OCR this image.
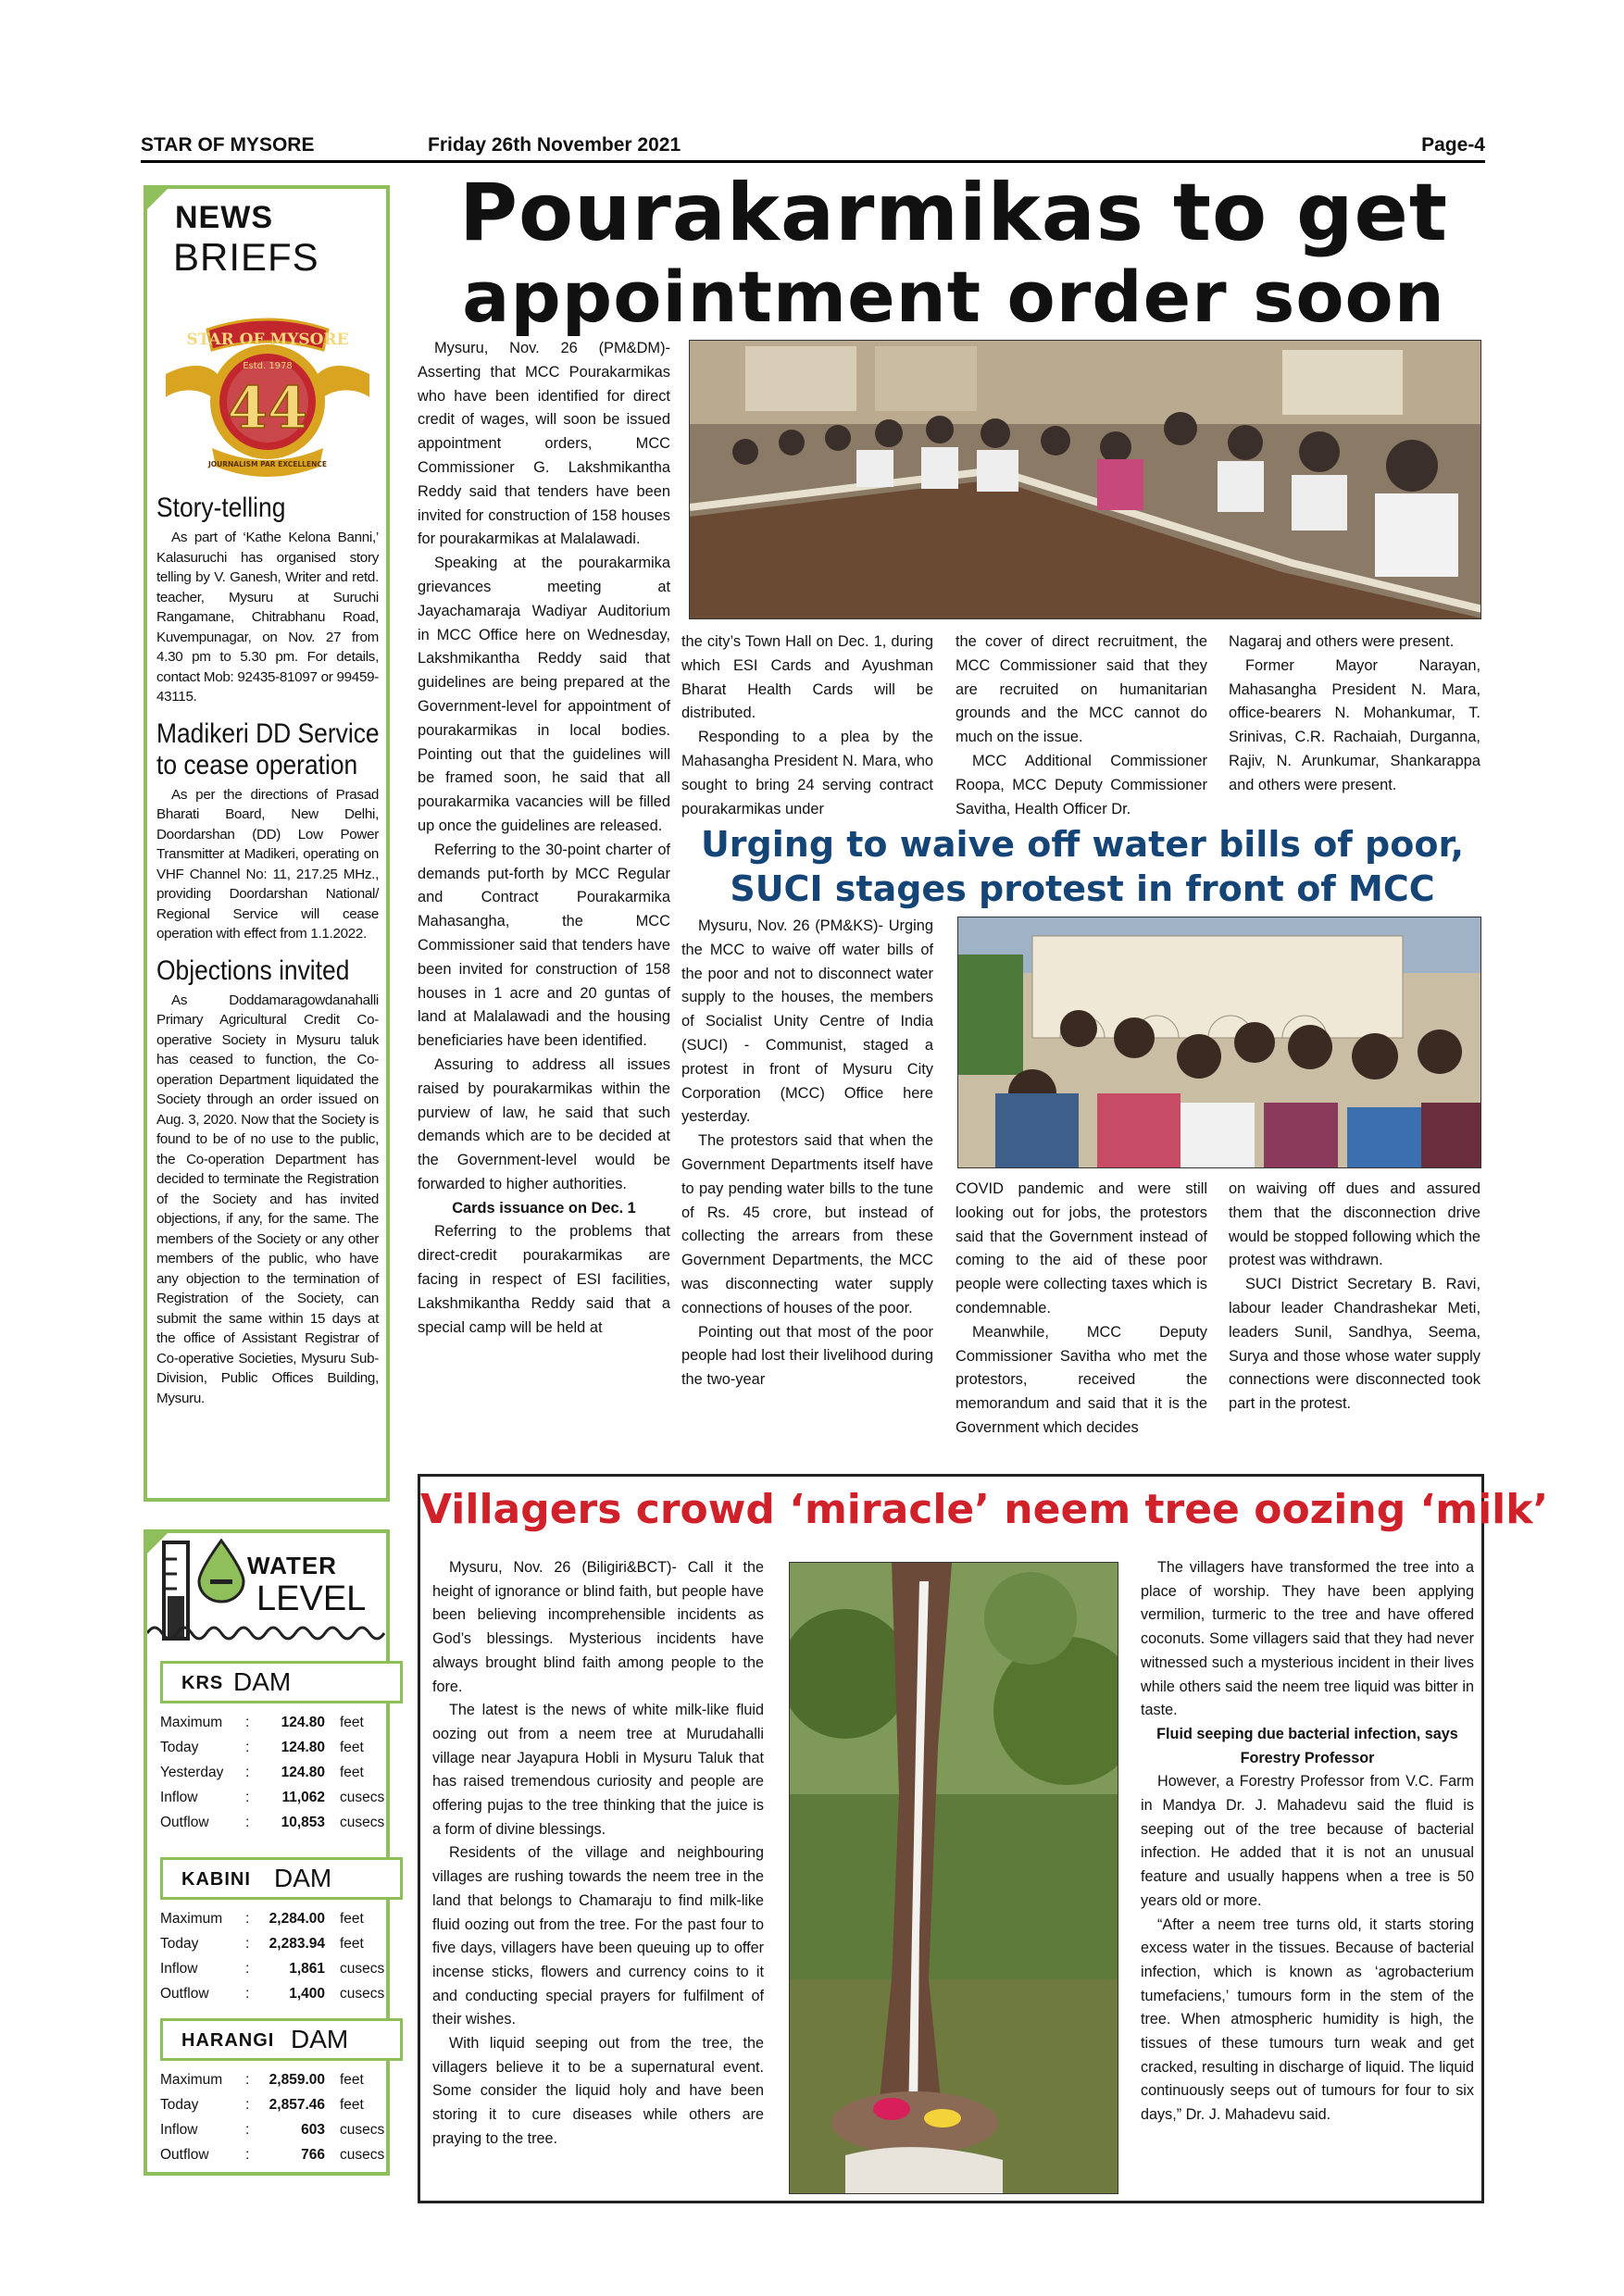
STAR OF MYSORE	Friday 26th November 2021	Page-4
NEWS
BRIEFS
STAR OF MYSORE
Estd. 1978
44
JOURNALISM PAR EXCELLENCE
Story-telling
As part of ‘Kathe Kelona Banni,’ Kalasuruchi has organised story telling by V. Ganesh, Writer and retd. teacher, Mysuru at Suruchi Rangamane, Chitrabhanu Road, Kuvempunagar, on Nov. 27 from 4.30 pm to 5.30 pm. For details, contact Mob: 92435-81097 or 99459-43115.
Madikeri DD Service to cease operation
As per the directions of Prasad Bharati Board, New Delhi, Doordarshan (DD) Low Power Transmitter at Madikeri, operating on VHF Channel No: 11, 217.25 MHz., providing Doordarshan National/ Regional Service will cease operation with effect from 1.1.2022.
Objections invited
As Doddamaragowdanahalli Primary Agricultural Credit Co-operative Society in Mysuru taluk has ceased to function, the Co-operation Department liquidated the Society through an order issued on Aug. 3, 2020. Now that the Society is found to be of no use to the public, the Co-operation Department has decided to terminate the Registration of the Society and has invited objections, if any, for the same. The members of the Society or any other members of the public, who have any objection to the termination of Registration of the Society, can submit the same within 15 days at the office of Assistant Registrar of Co-operative Societies, Mysuru Sub-Division, Public Offices Building, Mysuru.
WATER
LEVEL
KRS DAM
Maximum : 124.80 feet
Today	: 124.80 feet
Yesterday : 124.80 feet
Inflow	: 11,062 cusecs
Outflow	: 10,853 cusecs
KABINI DAM
Maximum : 2,284.00 feet
Today	: 2,283.94 feet
Inflow	:	1,861 cusecs
Outflow	:	1,400 cusecs
HARANGI DAM
Maximum : 2,859.00 feet
Today	: 2,857.46 feet
Inflow	:	603 cusecs
Outflow	:	766 cusecs
Pourakarmikas to get
appointment order soon

Mysuru, Nov. 26 (PM&DM)- Asserting that MCC Pourakarmikas who have been identified for direct credit of wages, will soon be issued appointment orders, MCC Commissioner G. Lakshmikantha Reddy said that tenders have been invited for construction of 158 houses for pourakarmikas at Malalawadi.

Speaking at the pourakarmika grievances meeting at Jayachamaraja Wadiyar Auditorium in MCC Office here on Wednesday, Lakshmikantha Reddy said that guidelines are being prepared at the Government-level for appointment of pourakarmikas in local bodies. Pointing out that the guidelines will be framed soon, he said that all pourakarmika vacancies will be filled up once the guidelines are released.

Referring to the 30-point charter of demands put-forth by MCC Regular and Contract Pourakarmika Mahasangha, the MCC Commissioner said that tenders have been invited for construction of 158 houses in 1 acre and 20 guntas of land at Malalawadi and the housing beneficiaries have been identified.

Assuring to address all issues raised by pourakarmikas within the purview of law, he said that such demands which are to be decided at the Government-level would be forwarded to higher authorities.

Cards issuance on Dec. 1

Referring to the problems that direct-credit pourakarmikas are facing in respect of ESI facilities, Lakshmikantha Reddy said that a special camp will be held at

the city’s Town Hall on Dec. 1, during which ESI Cards and Ayushman Bharat Health Cards will be distributed.

Responding to a plea by the Mahasangha President N. Mara, who sought to bring 24 serving contract pourakarmikas under

the cover of direct recruitment, the MCC Commissioner said that they are recruited on humanitarian grounds and the MCC cannot do much on the issue.

MCC Additional Commissioner Roopa, MCC Deputy Commissioner Savitha, Health Officer Dr.

Nagaraj and others were present.

Former Mayor Narayan, Mahasangha President N. Mara, office-bearers N. Mohankumar, T. Srinivas, C.R. Rachaiah, Durganna, Rajiv, N. Arunkumar, Shankarappa and others were present.

Urging to waive off water bills of poor,
SUCI stages protest in front of MCC

Mysuru, Nov. 26 (PM&KS)- Urging the MCC to waive off water bills of the poor and not to disconnect water supply to the houses, the members of Socialist Unity Centre of India (SUCI) - Communist, staged a protest in front of Mysuru City Corporation (MCC) Office here yesterday.

The protestors said that when the Government Departments itself have to pay pending water bills to the tune of Rs. 45 crore, but instead of collecting the arrears from these Government Departments, the MCC was disconnecting water supply connections of houses of the poor.

Pointing out that most of the poor people had lost their livelihood during the two-year

COVID pandemic and were still looking out for jobs, the protestors said that the Government instead of coming to the aid of these poor people were collecting taxes which is condemnable.

Meanwhile, MCC Deputy Commissioner Savitha who met the protestors, received the memorandum and said that it is the Government which decides

on waiving off dues and assured them that the disconnection drive would be stopped following which the protest was withdrawn.

SUCI District Secretary B. Ravi, labour leader Chandrashekar Meti, leaders Sunil, Sandhya, Seema, Surya and those whose water supply connections were disconnected took part in the protest.

Villagers crowd ‘miracle’ neem tree oozing ‘milk’

Mysuru, Nov. 26 (Biligiri&BCT)- Call it the height of ignorance or blind faith, but people have been believing incomprehensible incidents as God’s blessings. Mysterious incidents have always brought blind faith among people to the fore.

The latest is the news of white milk-like fluid oozing out from a neem tree at Murudahalli village near Jayapura Hobli in Mysuru Taluk that has raised tremendous curiosity and people are offering pujas to the tree thinking that the juice is a form of divine blessings.

Residents of the village and neighbouring villages are rushing towards the neem tree in the land that belongs to Chamaraju to find milk-like fluid oozing out from the tree. For the past four to five days, villagers have been queuing up to offer incense sticks, flowers and currency coins to it and conducting special prayers for fulfilment of their wishes.

With liquid seeping out from the tree, the villagers believe it to be a supernatural event. Some consider the liquid holy and have been storing it to cure diseases while others are praying to the tree.

The villagers have transformed the tree into a place of worship. They have been applying vermilion, turmeric to the tree and have offered coconuts. Some villagers said that they had never witnessed such a mysterious incident in their lives while others said the neem tree liquid was bitter in taste.

Fluid seeping due bacterial infection, says Forestry Professor

However, a Forestry Professor from V.C. Farm in Mandya Dr. J. Mahadevu said the fluid is seeping out of the tree because of bacterial infection. He added that it is not an unusual feature and usually happens when a tree is 50 years old or more.

“After a neem tree turns old, it starts storing excess water in the tissues. Because of bacterial infection, which is known as ‘agrobacterium tumefaciens,’ tumours form in the stem of the tree. When atmospheric humidity is high, the tissues of these tumours turn weak and get cracked, resulting in discharge of liquid. The liquid continuously seeps out of tumours for four to six days,” Dr. J. Mahadevu said.
